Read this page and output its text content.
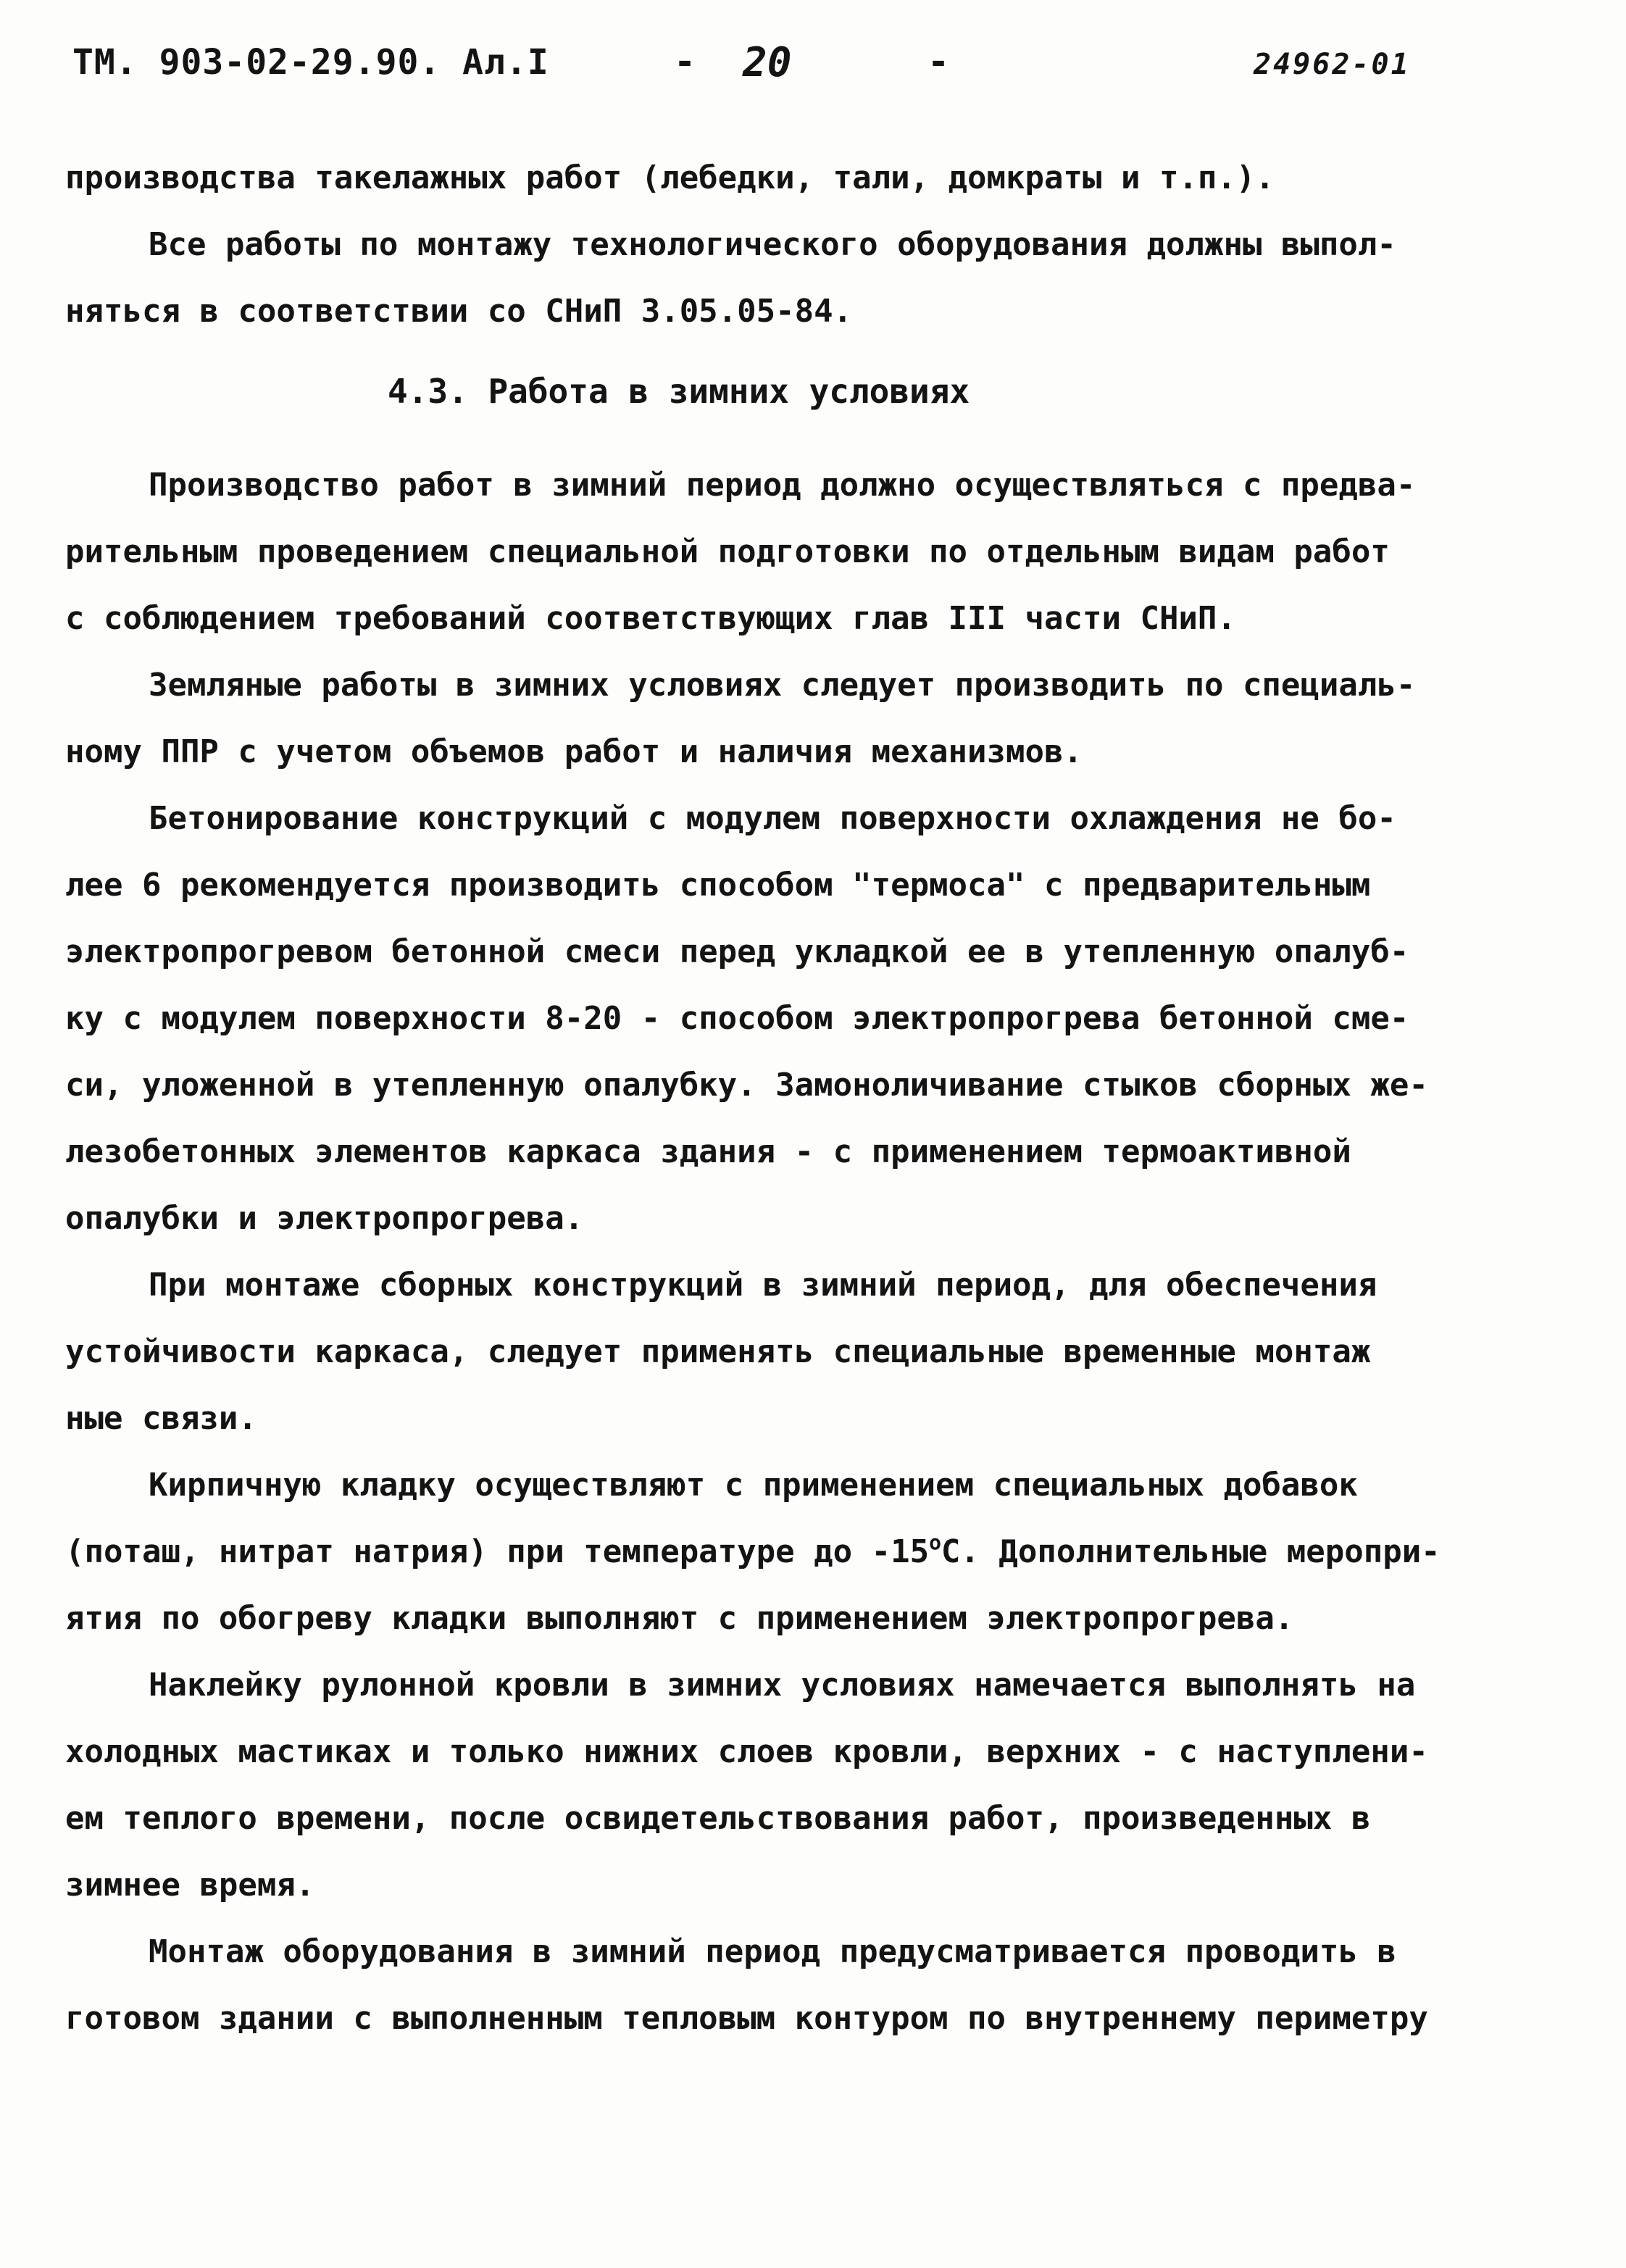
ТМ. 903-02-29.90. Ал.I	- 20	-	24962-01
производства такелажных работ (лебедки, тали, домкраты и т.п.).
Все работы по монтажу технологического оборудования должны выпол-
няться в соответствии со СНиП 3.05.05-84.
4.3. Работа в зимних условиях
Производство работ в зимний период должно осуществляться с предва-
рительным проведением специальной подготовки по отдельным видам работ
с соблюдением требований соответствующих глав III части СНиП.
Земляные работы в зимних условиях следует производить по специаль-
ному ППР с учетом объемов работ и наличия механизмов.
Бетонирование конструкций с модулем поверхности охлаждения не бо-
лее 6 рекомендуется производить способом "термоса" с предварительным
электропрогревом бетонной смеси перед укладкой ее в утепленную опалуб-
ку с модулем поверхности 8-20 - способом электропрогрева бетонной сме-
си, уложенной в утепленную опалубку. Замоноличивание стыков сборных же-
лезобетонных элементов каркаса здания - с применением термоактивной
опалубки и электропрогрева.
При монтаже сборных конструкций в зимний период, для обеспечения
устойчивости каркаса, следует применять специальные временные монтаж
ные связи.
Кирпичную кладку осуществляют с применением специальных добавок
(поташ, нитрат натрия) при температуре до $-15^оС$. Дополнительные меропри-
ятия по обогреву кладки выполняют с применением электропрогрева.
Наклейку рулонной кровли в зимних условиях намечается выполнять на
холодных мастиках и только нижних слоев кровли, верхних - с наступлени-
ем теплого времени, после освидетельствования работ, произведенных в
зимнее время.
Монтаж оборудования в зимний период предусматривается проводить в
готовом здании с выполненным тепловым контуром по внутреннему периметру
